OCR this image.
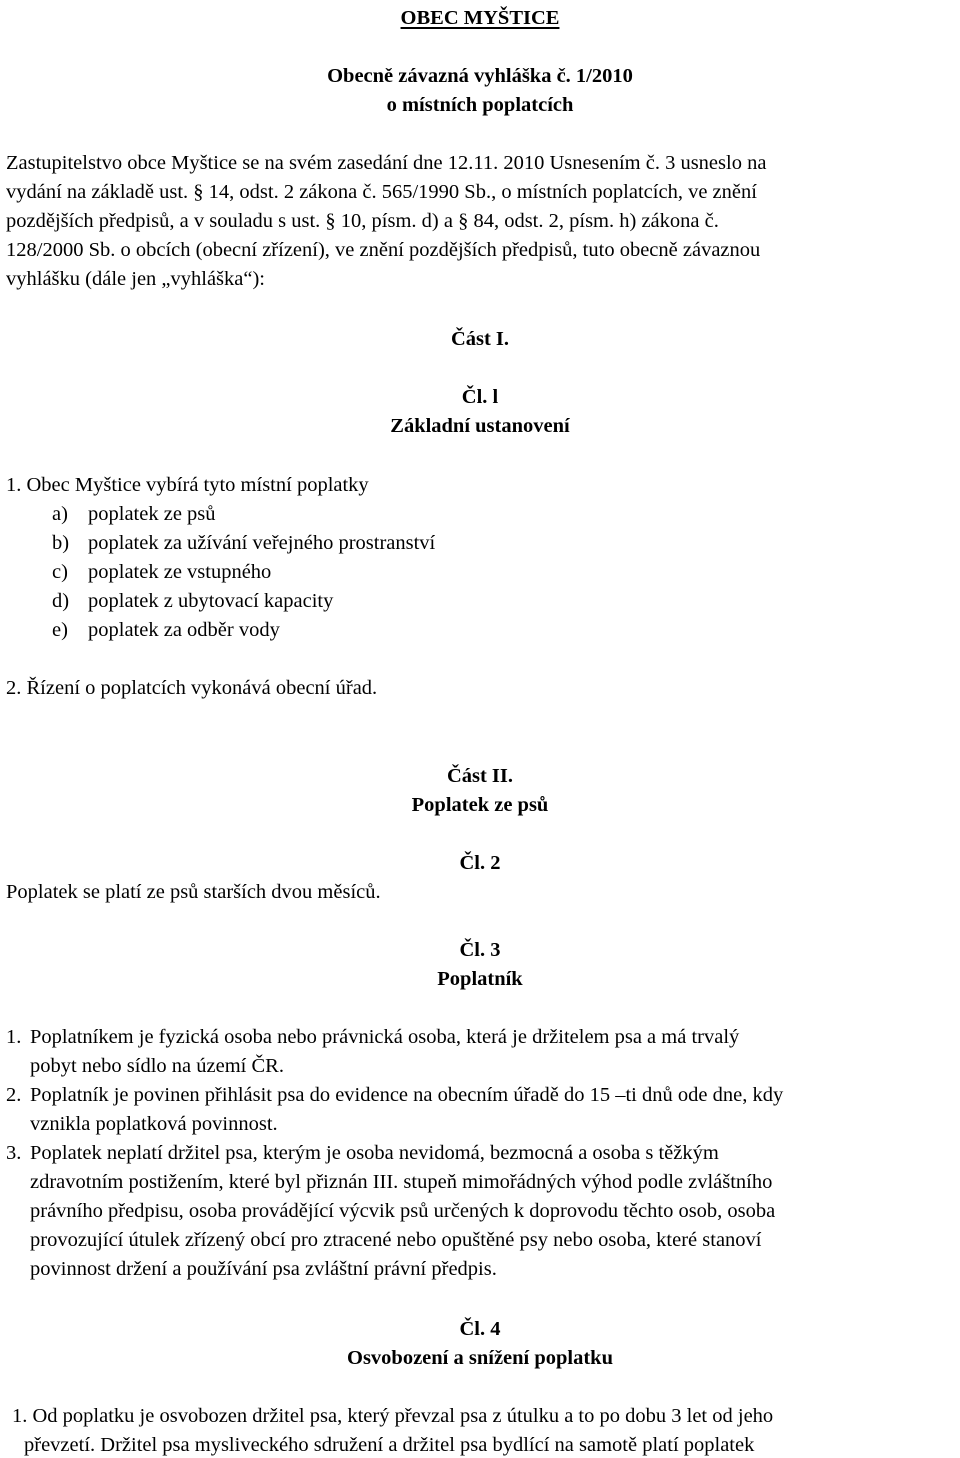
OBEC MYŠTICE
Obecně závazná vyhláška č. 1/2010
o místních poplatcích
Zastupitelstvo obce Myštice se na svém zasedání dne 12.11. 2010 Usnesením č. 3 usneslo na
vydání na základě ust. § 14, odst. 2 zákona č. 565/1990 Sb., o místních poplatcích, ve znění
pozdějších předpisů, a v souladu s ust. § 10, písm. d) a § 84, odst. 2, písm. h) zákona č.
128/2000 Sb. o obcích (obecní zřízení), ve znění pozdějších předpisů, tuto obecně závaznou
vyhlášku (dále jen „vyhláška“):
Část I.
Čl. l
Základní ustanovení
1. Obec Myštice vybírá tyto místní poplatky
a) poplatek ze psů
b) poplatek za užívání veřejného prostranství
c) poplatek ze vstupného
d) poplatek z ubytovací kapacity
e) poplatek za odběr vody
2. Řízení o poplatcích vykonává obecní úřad.
Část II.
Poplatek ze psů
Čl. 2
Poplatek se platí ze psů starších dvou měsíců.
Čl. 3
Poplatník
1. Poplatníkem je fyzická osoba nebo právnická osoba, která je držitelem psa a má trvalý
pobyt nebo sídlo na území ČR.
2. Poplatník je povinen přihlásit psa do evidence na obecním úřadě do 15 –ti dnů ode dne, kdy
vznikla poplatková povinnost.
3. Poplatek neplatí držitel psa, kterým je osoba nevidomá, bezmocná a osoba s těžkým
zdravotním postižením, které byl přiznán III. stupeň mimořádných výhod podle zvláštního
právního předpisu, osoba provádějící výcvik psů určených k doprovodu těchto osob, osoba
provozující útulek zřízený obcí pro ztracené nebo opuštěné psy nebo osoba, které stanoví
povinnost držení a používání psa zvláštní právní předpis.
Čl. 4
Osvobození a snížení poplatku
1. Od poplatku je osvobozen držitel psa, který převzal psa z útulku a to po dobu 3 let od jeho
převzetí. Držitel psa mysliveckého sdružení a držitel psa bydlící na samotě platí poplatek
